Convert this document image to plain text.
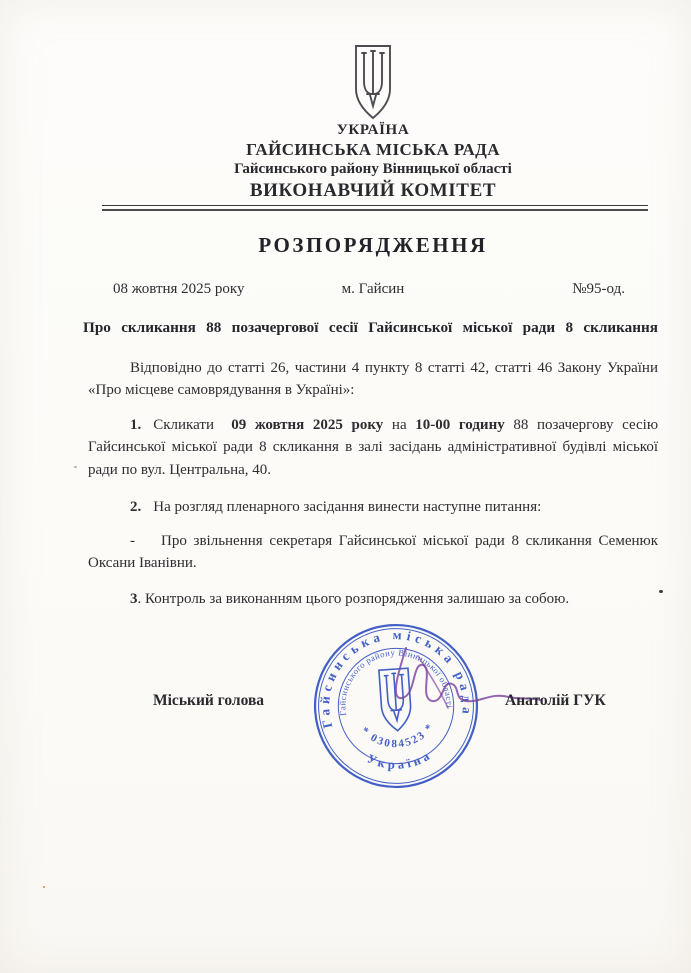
УКРАЇНА
ГАЙСИНСЬКА МІСЬКА РАДА
Гайсинського району Вінницької області
ВИКОНАВЧИЙ КОМІТЕТ
РОЗПОРЯДЖЕННЯ
08 жовтня 2025 року	м. Гайсин	№95-од.
Про скликання 88 позачергової сесії Гайсинської міської ради 8 скликання

Відповідно до статті 26, частини 4 пункту 8 статті 42, статті 46 Закону України «Про місцеве самоврядування в Україні»:

1. Скликати 09 жовтня 2025 року на 10-00 годину 88 позачергову сесію Гайсинської міської ради 8 скликання в залі засідань адміністративної будівлі міської ради по вул. Центральна, 40.

2. На розгляд пленарного засідання винести наступне питання:

- Про звільнення секретаря Гайсинської міської ради 8 скликання Семенюк Оксани Іванівни.

3. Контроль за виконанням цього розпорядження залишаю за собою.

Міський голова
Гайсинська міська рада
Гайсинського району Вінницької області
* 03084523 *
Україна
Анатолій ГУК
